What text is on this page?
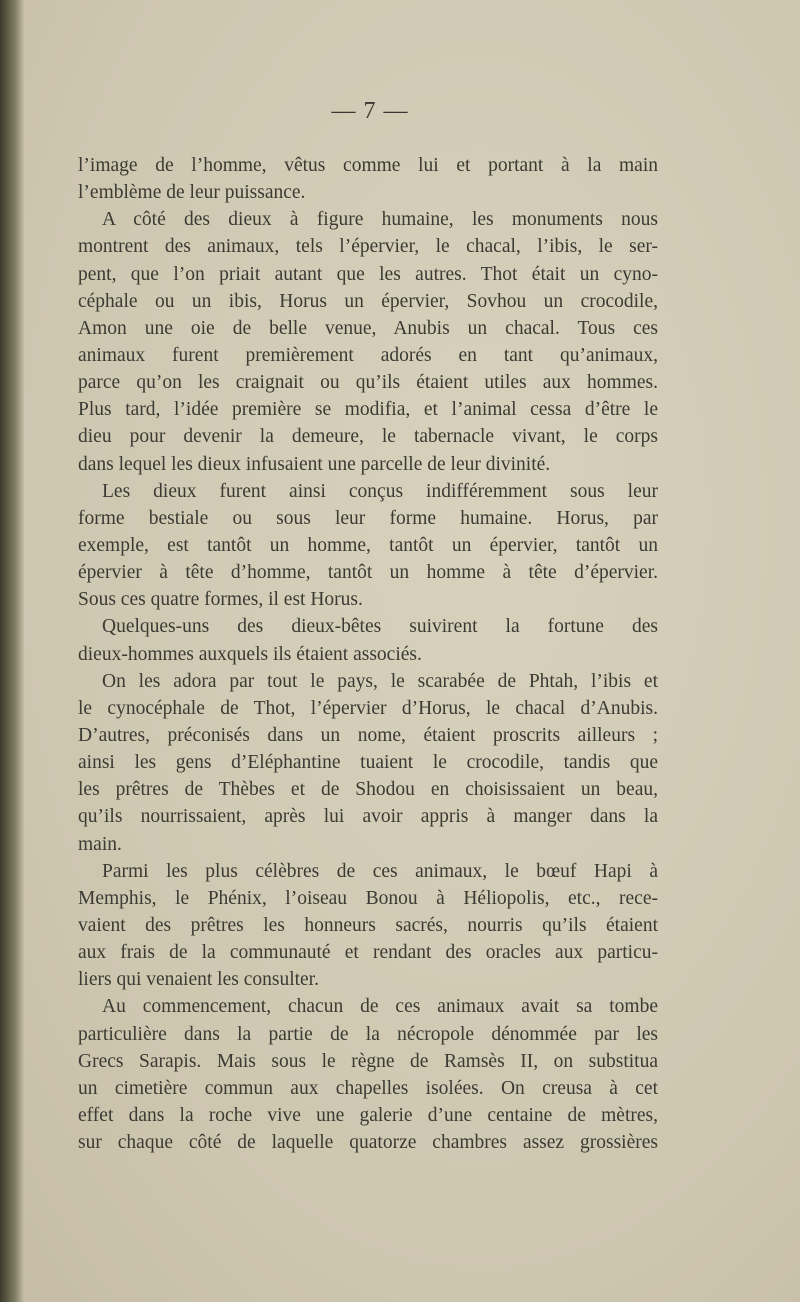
— 7 —
l’image de l’homme, vêtus comme lui et portant à la main
l’emblème de leur puissance.
A côté des dieux à figure humaine, les monuments nous
montrent des animaux, tels l’épervier, le chacal, l’ibis, le ser-
pent, que l’on priait autant que les autres. Thot était un cyno-
céphale ou un ibis, Horus un épervier, Sovhou un crocodile,
Amon une oie de belle venue, Anubis un chacal. Tous ces
animaux furent premièrement adorés en tant qu’animaux,
parce qu’on les craignait ou qu’ils étaient utiles aux hommes.
Plus tard, l’idée première se modifia, et l’animal cessa d’être le
dieu pour devenir la demeure, le tabernacle vivant, le corps
dans lequel les dieux infusaient une parcelle de leur divinité.
Les dieux furent ainsi conçus indifféremment sous leur
forme bestiale ou sous leur forme humaine. Horus, par
exemple, est tantôt un homme, tantôt un épervier, tantôt un
épervier à tête d’homme, tantôt un homme à tête d’épervier.
Sous ces quatre formes, il est Horus.
Quelques-uns des dieux-bêtes suivirent la fortune des
dieux-hommes auxquels ils étaient associés.
On les adora par tout le pays, le scarabée de Phtah, l’ibis et
le cynocéphale de Thot, l’épervier d’Horus, le chacal d’Anubis.
D’autres, préconisés dans un nome, étaient proscrits ailleurs ;
ainsi les gens d’Eléphantine tuaient le crocodile, tandis que
les prêtres de Thèbes et de Shodou en choisissaient un beau,
qu’ils nourrissaient, après lui avoir appris à manger dans la
main.
Parmi les plus célèbres de ces animaux, le bœuf Hapi à
Memphis, le Phénix, l’oiseau Bonou à Héliopolis, etc., rece-
vaient des prêtres les honneurs sacrés, nourris qu’ils étaient
aux frais de la communauté et rendant des oracles aux particu-
liers qui venaient les consulter.
Au commencement, chacun de ces animaux avait sa tombe
particulière dans la partie de la nécropole dénommée par les
Grecs Sarapis. Mais sous le règne de Ramsès II, on substitua
un cimetière commun aux chapelles isolées. On creusa à cet
effet dans la roche vive une galerie d’une centaine de mètres,
sur chaque côté de laquelle quatorze chambres assez grossières
